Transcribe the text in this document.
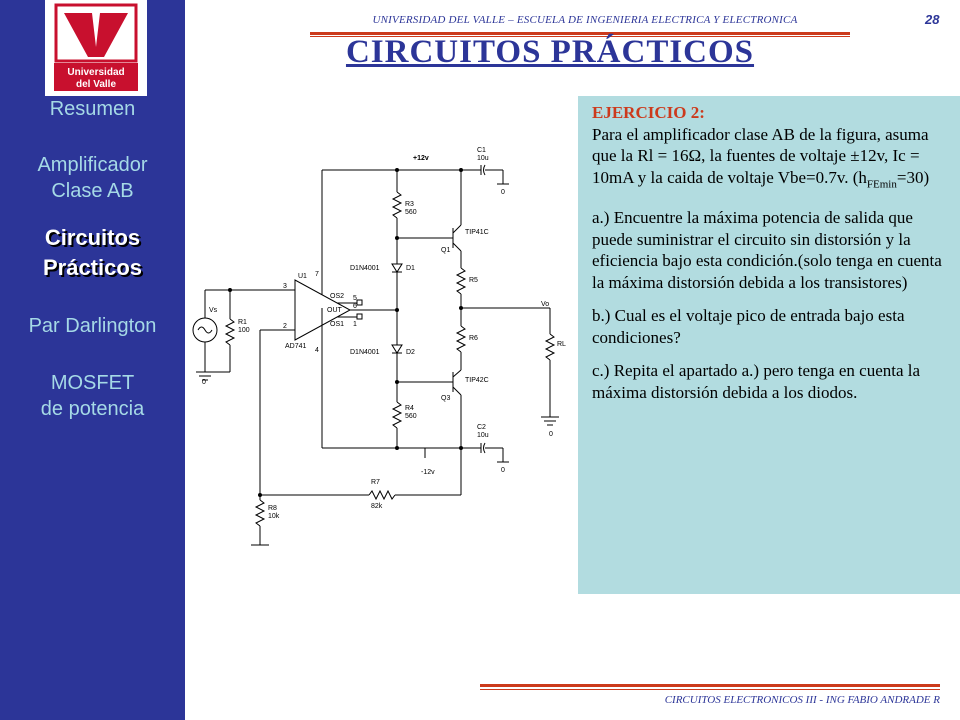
Universidad
del Valle
Resumen
Amplificador Clase AB
Circuitos Prácticos
Par Darlington
MOSFET de potencia
UNIVERSIDAD DEL VALLE – ESCUELA DE INGENIERIA ELECTRICA Y ELECTRONICA	28
CIRCUITOS PRÁCTICOS
+12v
C1
10u
0
R3
560
TIP41C
Q1
D1N4001	D1
R5
R6
D1N4001	D2
TIP42C
Q3
R4
560
C2
10u
0
-12v
Vo
RL
U1
AD741
3
2
7
4
6
5
1
OS2
OUT
OS1
Vs
R1
100
0
R7
82k
R8
10k
0

EJERCICIO 2:

Para el amplificador clase AB de la figura, asuma que la Rl = 16Ω, la fuentes de voltaje ±12v, Ic = 10mA y la caida de voltaje Vbe=0.7v. $(h_{FEmin}=30)$

a.) Encuentre la máxima potencia de salida que puede suministrar el circuito sin distorsión y la eficiencia bajo esta condición.(solo tenga en cuenta la máxima distorsión debida a los transistores)

b.) Cual es el voltaje pico de entrada bajo esta condiciones?

c.) Repita el apartado a.) pero tenga en cuenta la máxima distorsión debida a los diodos.

CIRCUITOS ELECTRONICOS III - ING FABIO ANDRADE R
